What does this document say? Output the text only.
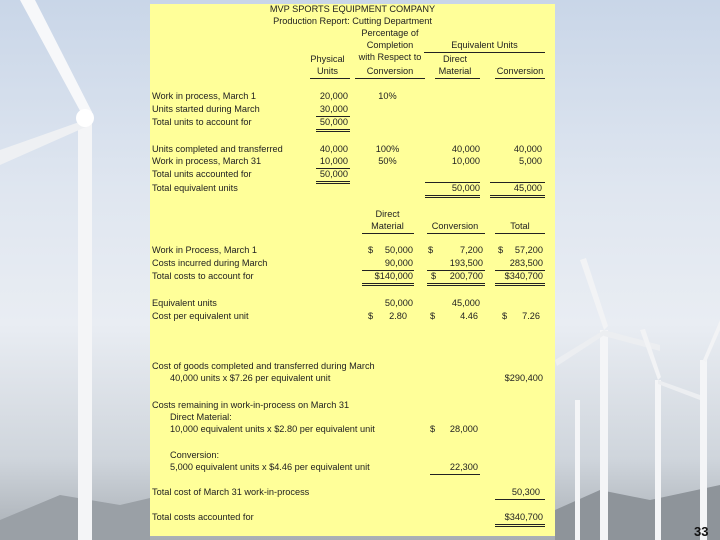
MVP SPORTS EQUIPMENT COMPANY
Production Report: Cutting Department
Percentage of
Completion
with Respect to
Conversion
Equivalent Units
Physical
Units
Direct
Material	Conversion
Work in process, March 1	20,000	10%
Units started during March	30,000
Total units to account for	50,000
Units completed and transferred	40,000	100%	40,000	40,000
Work in process, March 31	10,000	50%	10,000	5,000
Total units accounted for	50,000
Total equivalent units	50,000	45,000
Direct
Material	Conversion	Total
Work in Process, March 1	$	50,000 $	7,200 $	57,200
Costs incurred during March	90,000	193,500	283,500
Total costs to account for	$140,000 $	200,700	$340,700
Equivalent units	50,000	45,000
Cost per equivalent unit	$	2.80	$	4.46	$	7.26
Cost of goods completed and transferred during March
40,000 units x $7.26 per equivalent unit	$290,400
Costs remaining in work-in-process on March 31
Direct Material:
10,000 equivalent units x $2.80 per equivalent unit	$	28,000
Conversion:
5,000 equivalent units x $4.46 per equivalent unit	22,300
Total cost of March 31 work-in-process	50,300
Total costs accounted for	$340,700
33
